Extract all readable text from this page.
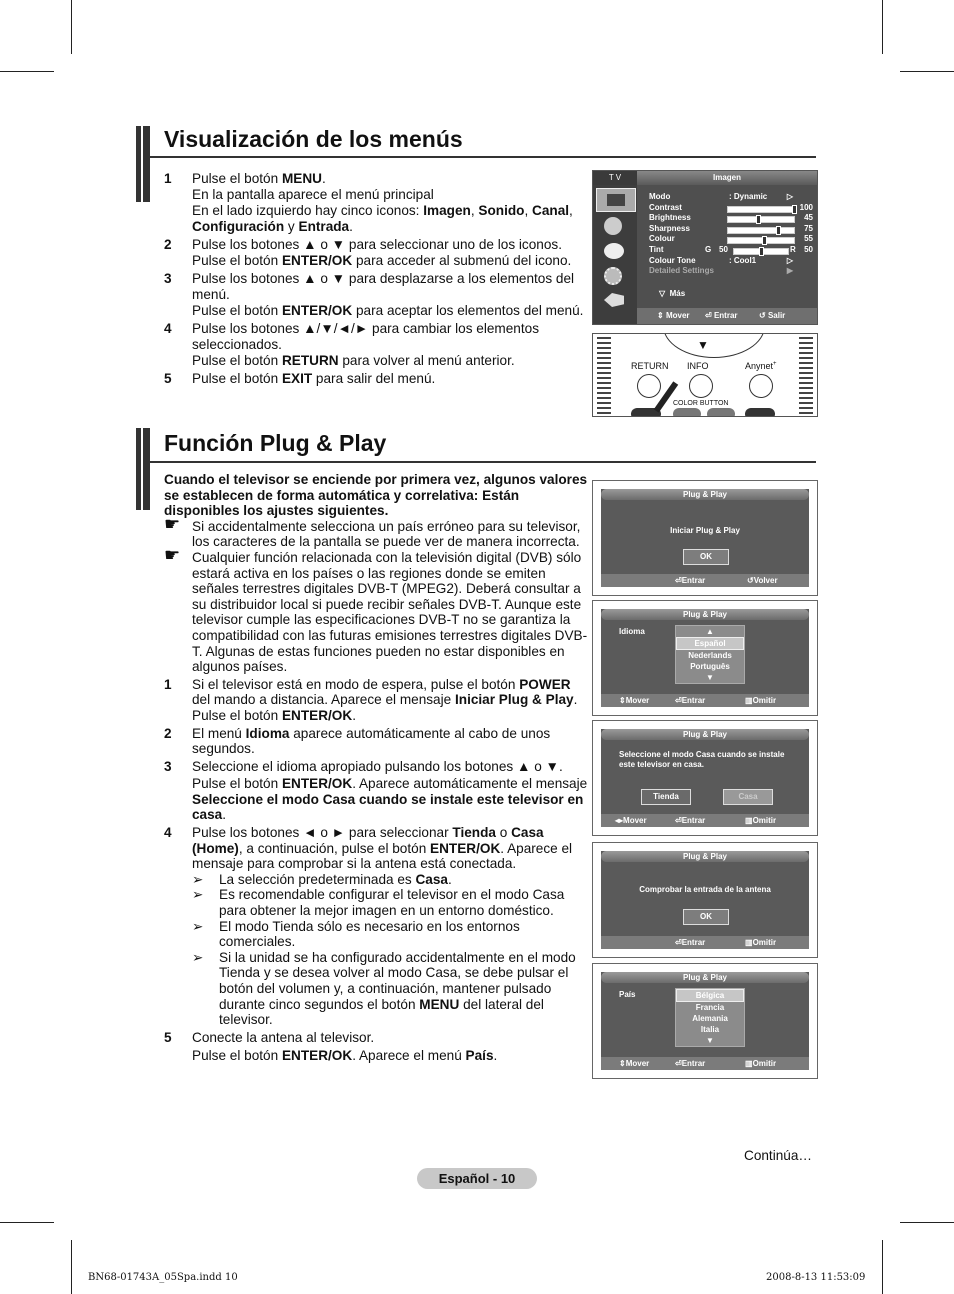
Visualización de los menús
1 Pulse el botón MENU.
En la pantalla aparece el menú principal
En el lado izquierdo hay cinco iconos: Imagen, Sonido, Canal, Configuración y Entrada.
2 Pulse los botones ▲ o ▼ para seleccionar uno de los iconos.
Pulse el botón ENTER/OK para acceder al submenú del icono.
3 Pulse los botones ▲ o ▼ para desplazarse a los elementos del menú.
Pulse el botón ENTER/OK para aceptar los elementos del menú.
4 Pulse los botones ▲/▼/◄/► para cambiar los elementos seleccionados.
Pulse el botón RETURN para volver al menú anterior.
5 Pulse el botón EXIT para salir del menú.
T V	Imagen
Modo	: Dynamic ▷
Contrast	100
Brightness	45
Sharpness	75
Colour	55
Tint	G 50	R 50
Colour Tone	: Cool1	▷
Detailed Settings	▶
▽ Más
⇕ Mover ⏎ Entrar	↺ Salir
▼
RETURN INFO	Anynet+
COLOR BUTTON
Función Plug & Play
Cuando el televisor se enciende por primera vez, algunos valores se establecen de forma automática y correlativa: Están disponibles los ajustes siguientes.
☛ Si accidentalmente selecciona un país erróneo para su televisor, los caracteres de la pantalla se puede ver de manera incorrecta.
☛ Cualquier función relacionada con la televisión digital (DVB) sólo estará activa en los países o las regiones donde se emiten señales terrestres digitales DVB-T (MPEG2). Deberá consultar a su distribuidor local si puede recibir señales DVB-T. Aunque este televisor cumple las especificaciones DVB-T no se garantiza la compatibilidad con las futuras emisiones terrestres digitales DVB-T. Algunas de estas funciones pueden no estar disponibles en algunos países.
1 Si el televisor está en modo de espera, pulse el botón POWER del mando a distancia. Aparece el mensaje Iniciar Plug & Play.
Pulse el botón ENTER/OK.
2 El menú Idioma aparece automáticamente al cabo de unos segundos.
3 Seleccione el idioma apropiado pulsando los botones ▲ o ▼.
Pulse el botón ENTER/OK. Aparece automáticamente el mensaje Seleccione el modo Casa cuando se instale este televisor en casa.
4 Pulse los botones ◄ o ► para seleccionar Tienda o Casa (Home), a continuación, pulse el botón ENTER/OK. Aparece el mensaje para comprobar si la antena está conectada.
➢ La selección predeterminada es Casa.
➢ Es recomendable configurar el televisor en el modo Casa para obtener la mejor imagen en un entorno doméstico.
➢ El modo Tienda sólo es necesario en los entornos comerciales.
➢ Si la unidad se ha configurado accidentalmente en el modo Tienda y se desea volver al modo Casa, se debe pulsar el botón del volumen y, a continuación, mantener pulsado durante cinco segundos el botón MENU del lateral del televisor.
5 Conecte la antena al televisor.
Pulse el botón ENTER/OK. Aparece el menú País.
Plug & Play
Iniciar Plug & Play
OK
⏎ Entrar	↺ Volver
Plug & Play
Idioma	▲
Español
Nederlands
Português
▼
⇕ Mover	⏎ Entrar	▥ Omitir
Plug & Play
Seleccione el modo Casa cuando se instale este televisor en casa.
Tienda	Casa
◂▸ Mover	⏎ Entrar	▥ Omitir
Plug & Play
Comprobar la entrada de la antena
OK
⏎ Entrar	▥ Omitir
Plug & Play
País	Bélgica
Francia
Alemania
Italia
▼
⇕ Mover	⏎ Entrar	▥ Omitir
Continúa…
Español - 10
BN68-01743A_05Spa.indd 10	2008-8-13 11:53:09
